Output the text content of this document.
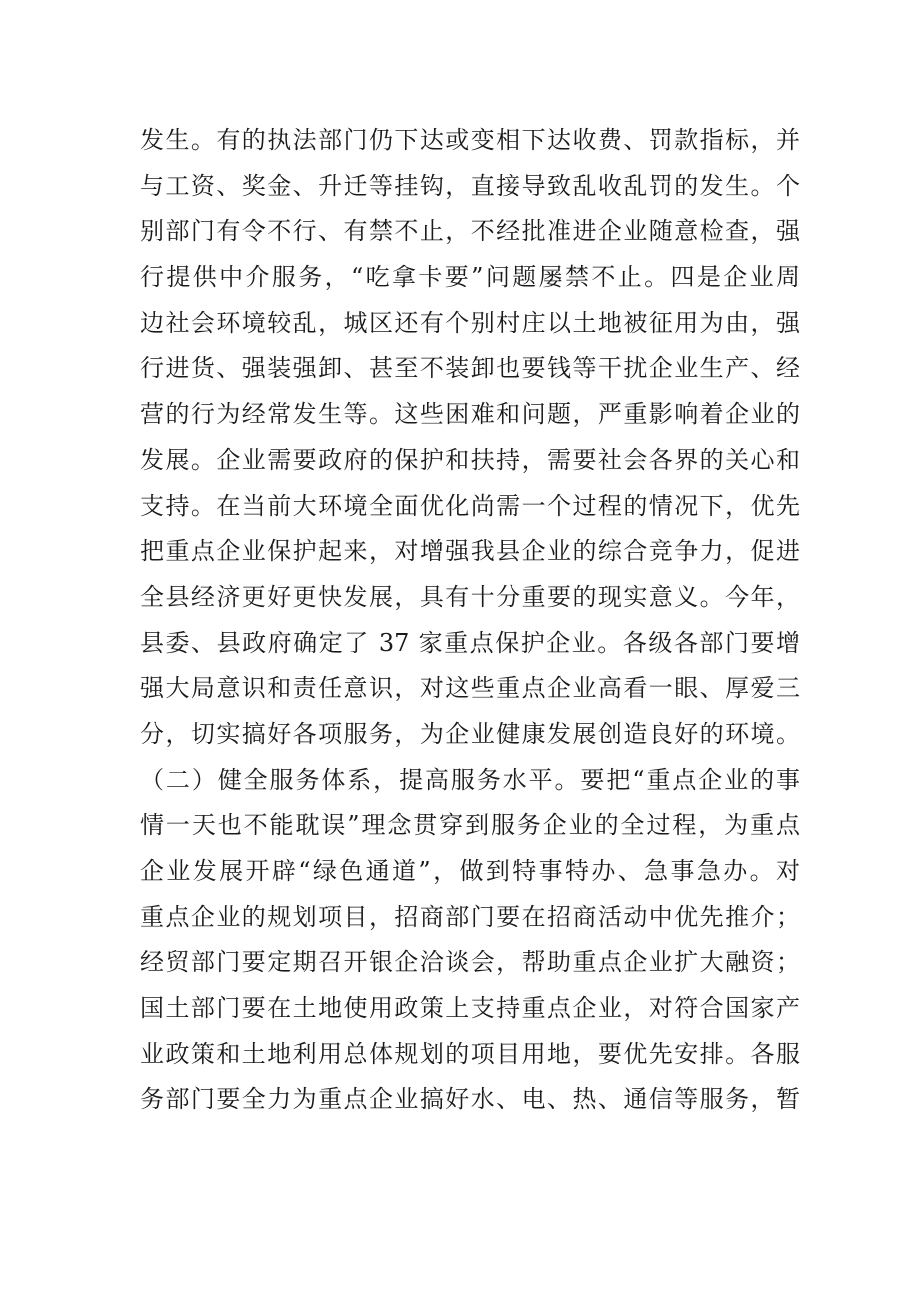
发生。有的执法部门仍下达或变相下达收费、罚款指标，并
与工资、奖金、升迁等挂钩，直接导致乱收乱罚的发生。个
别部门有令不行、有禁不止，不经批准进企业随意检查，强
行提供中介服务，“吃拿卡要”问题屡禁不止。四是企业周
边社会环境较乱，城区还有个别村庄以土地被征用为由，强
行进货、强装强卸、甚至不装卸也要钱等干扰企业生产、经
营的行为经常发生等。这些困难和问题，严重影响着企业的
发展。企业需要政府的保护和扶持，需要社会各界的关心和
支持。在当前大环境全面优化尚需一个过程的情况下，优先
把重点企业保护起来，对增强我县企业的综合竞争力，促进
全县经济更好更快发展，具有十分重要的现实意义。今年，
县委、县政府确定了 37 家重点保护企业。各级各部门要增
强大局意识和责任意识，对这些重点企业高看一眼、厚爱三
分，切实搞好各项服务，为企业健康发展创造良好的环境。
（二）健全服务体系，提高服务水平。要把“重点企业的事
情一天也不能耽误”理念贯穿到服务企业的全过程，为重点
企业发展开辟“绿色通道”，做到特事特办、急事急办。对
重点企业的规划项目，招商部门要在招商活动中优先推介；
经贸部门要定期召开银企洽谈会，帮助重点企业扩大融资；
国土部门要在土地使用政策上支持重点企业，对符合国家产
业政策和土地利用总体规划的项目用地，要优先安排。各服
务部门要全力为重点企业搞好水、电、热、通信等服务，暂
